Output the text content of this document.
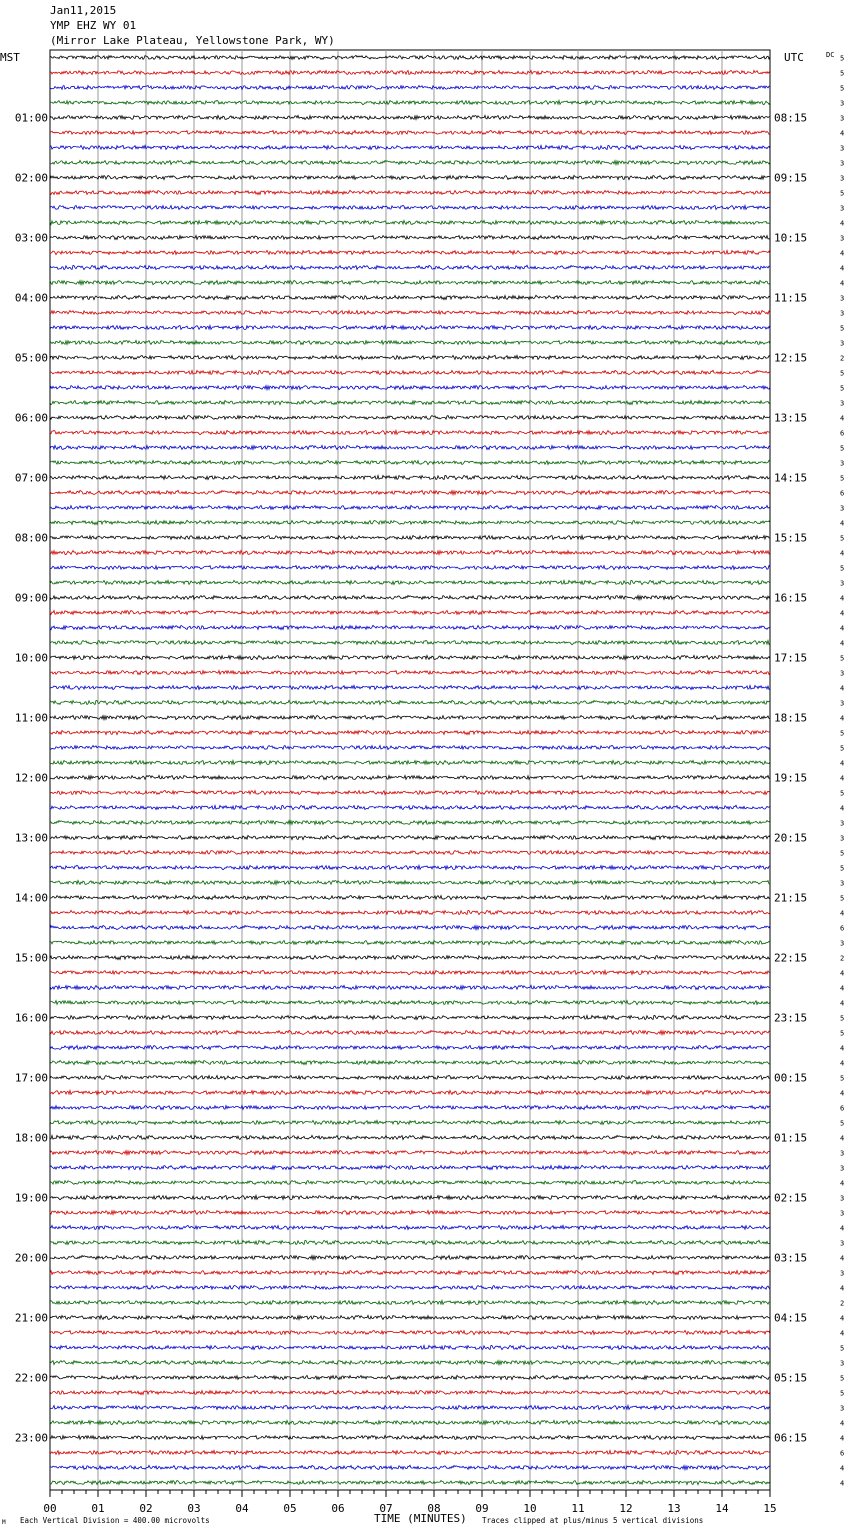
Jan11,2015
YMP EHZ WY 01
(Mirror Lake Plateau, Yellowstone Park, WY)
MST	UTC	DC
01:00
02:00
03:00
04:00
05:00
06:00
07:00
08:00
09:00
10:00
11:00
12:00
13:00
14:00
15:00
16:00
17:00
18:00
19:00
20:00
21:00
22:00
23:00
08:15
09:15
10:15
11:15
12:15
13:15
14:15
15:15
16:15
17:15
18:15
19:15
20:15
21:15
22:15
23:15
00:15
01:15
02:15
03:15
04:15
05:15
06:15
5
5
5
3
3
4
3
3
3
5
3
4
3
4
4
4
3
3
5
3
2
5
5
3
4
6
5
3
5
6
3
4
5
4
5
3
4
4
4
4
5
3
4
3
4
5
5
4
4
5
4
3
3
5
5
3
5
4
6
3
2
4
4
4
5
5
4
4
5
4
6
5
4
3
3
4
3
3
4
3
4
3
4
2
4
4
5
3
5
5
3
4
4
6
4
4
00	01	02	03	04	05	06	07	08	09	10	11	12	13	14	15
M Each Vertical Division = 400.00 microvolts	TIME (MINUTES) Traces clipped at plus/minus 5 vertical divisions
